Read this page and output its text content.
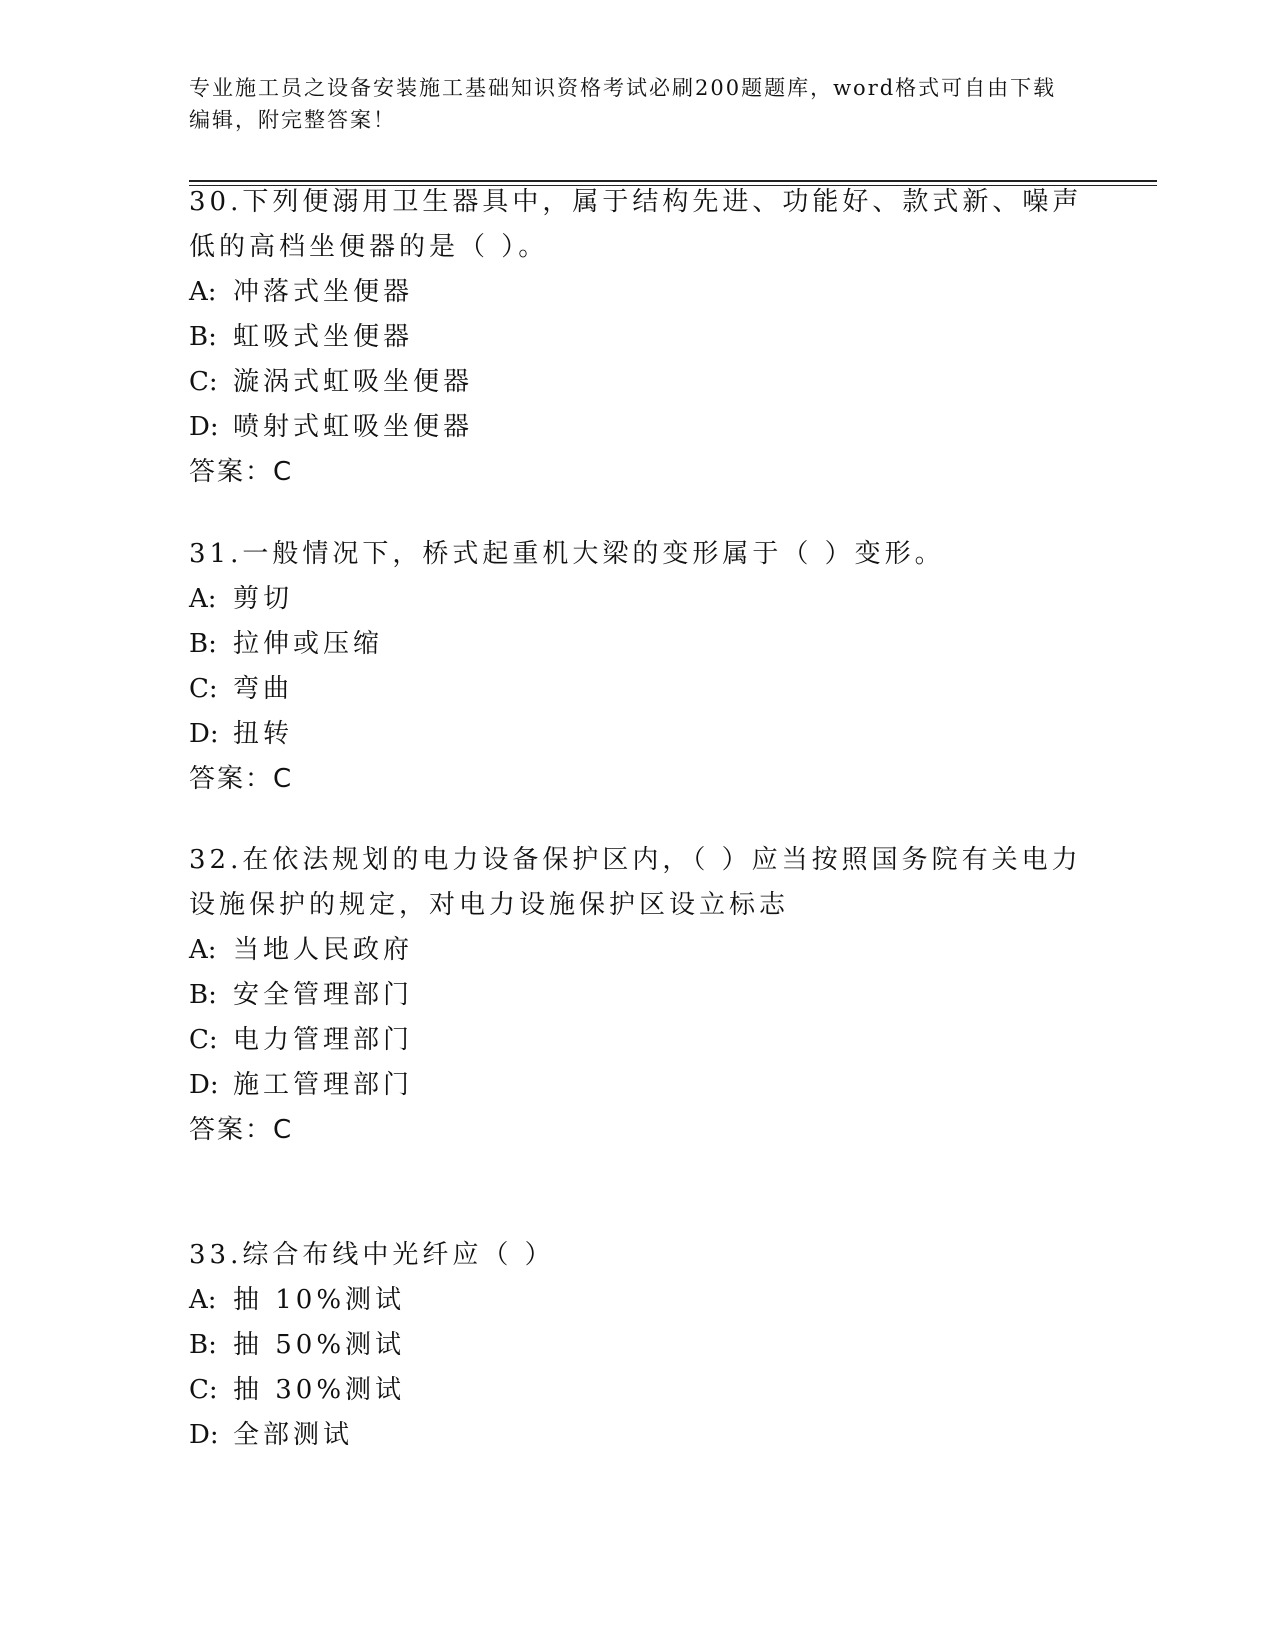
专业施工员之设备安装施工基础知识资格考试必刷200题题库，word格式可自由下载编辑，附完整答案！

30.下列便溺用卫生器具中，属于结构先进、功能好、款式新、噪声低的高档坐便器的是（ ）。

A: 冲落式坐便器

B: 虹吸式坐便器

C: 漩涡式虹吸坐便器

D: 喷射式虹吸坐便器

答案：C

31.一般情况下，桥式起重机大梁的变形属于（ ）变形。

A: 剪切

B: 拉伸或压缩

C: 弯曲

D: 扭转

答案：C

32.在依法规划的电力设备保护区内，（ ）应当按照国务院有关电力设施保护的规定，对电力设施保护区设立标志

A: 当地人民政府

B: 安全管理部门

C: 电力管理部门

D: 施工管理部门

答案：C

33.综合布线中光纤应（ ）

A: 抽 10%测试

B: 抽 50%测试

C: 抽 30%测试

D: 全部测试
